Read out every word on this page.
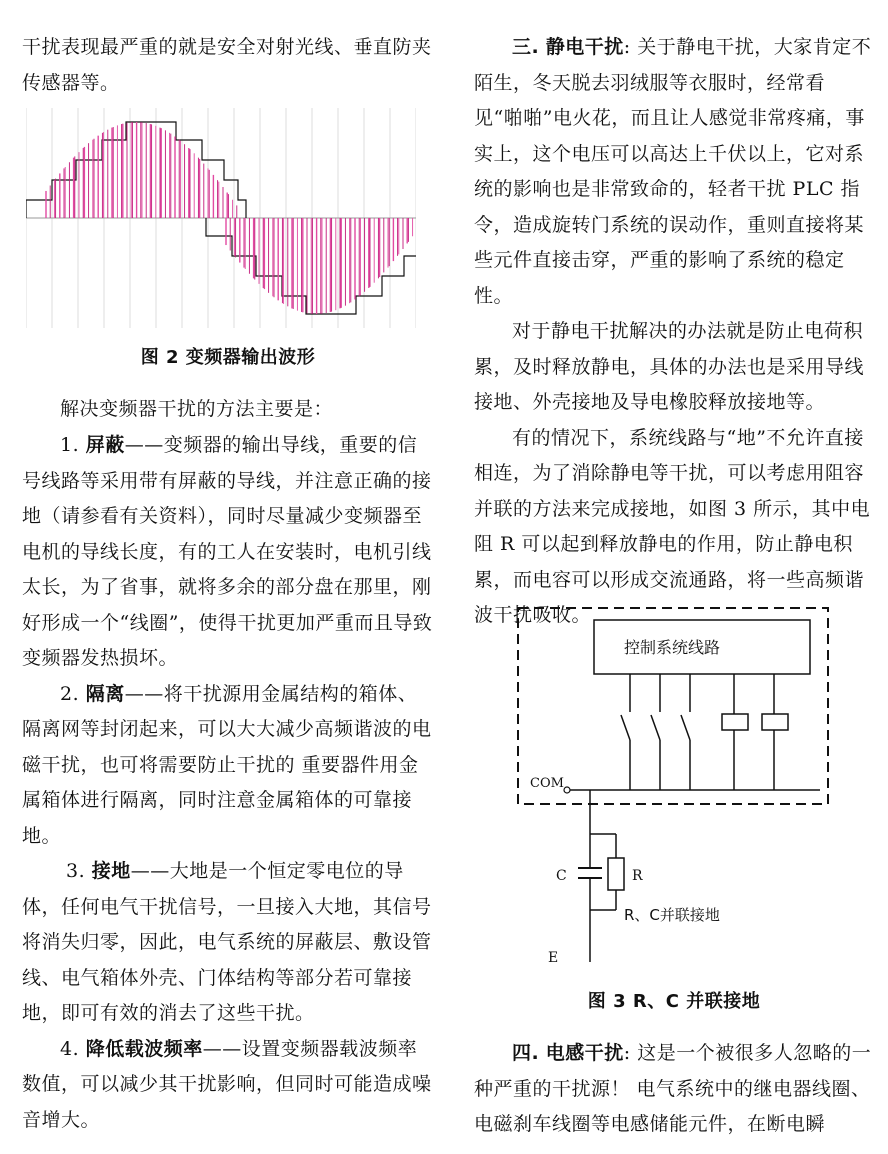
干扰表现最严重的就是安全对射光线、垂直防夹传感器等。

图 2 变频器输出波形

解决变频器干扰的方法主要是：

1. 屏蔽——变频器的输出导线，重要的信号线路等采用带有屏蔽的导线，并注意正确的接地（请参看有关资料），同时尽量减少变频器至电机的导线长度，有的工人在安装时，电机引线太长，为了省事，就将多余的部分盘在那里，刚好形成一个“线圈”，使得干扰更加严重而且导致变频器发热损坏。

2. 隔离——将干扰源用金属结构的箱体、隔离网等封闭起来，可以大大减少高频谐波的电磁干扰，也可将需要防止干扰的 重要器件用金属箱体进行隔离，同时注意金属箱体的可靠接地。

3. 接地——大地是一个恒定零电位的导体，任何电气干扰信号，一旦接入大地，其信号将消失归零，因此，电气系统的屏蔽层、敷设管线、电气箱体外壳、门体结构等部分若可靠接地，即可有效的消去了这些干扰。

4. 降低载波频率——设置变频器载波频率数值，可以减少其干扰影响，但同时可能造成噪音增大。

三. 静电干扰: 关于静电干扰，大家肯定不陌生，冬天脱去羽绒服等衣服时，经常看见“啪啪”电火花，而且让人感觉非常疼痛，事实上，这个电压可以高达上千伏以上，它对系统的影响也是非常致命的，轻者干扰 PLC 指令，造成旋转门系统的误动作，重则直接将某些元件直接击穿，严重的影响了系统的稳定性。

对于静电干扰解决的办法就是防止电荷积累，及时释放静电，具体的办法也是采用导线接地、外壳接地及导电橡胶释放接地等。

有的情况下，系统线路与“地”不允许直接相连，为了消除静电等干扰，可以考虑用阻容并联的方法来完成接地，如图 3 所示，其中电阻 R 可以起到释放静电的作用，防止静电积累，而电容可以形成交流通路，将一些高频谐波干扰吸收。

控制系统线路
COM
C	R
R、C并联接地
E

图 3 R、C 并联接地

四. 电感干扰: 这是一个被很多人忽略的一种严重的干扰源！ 电气系统中的继电器线圈、电磁刹车线圈等电感储能元件，在断电瞬
